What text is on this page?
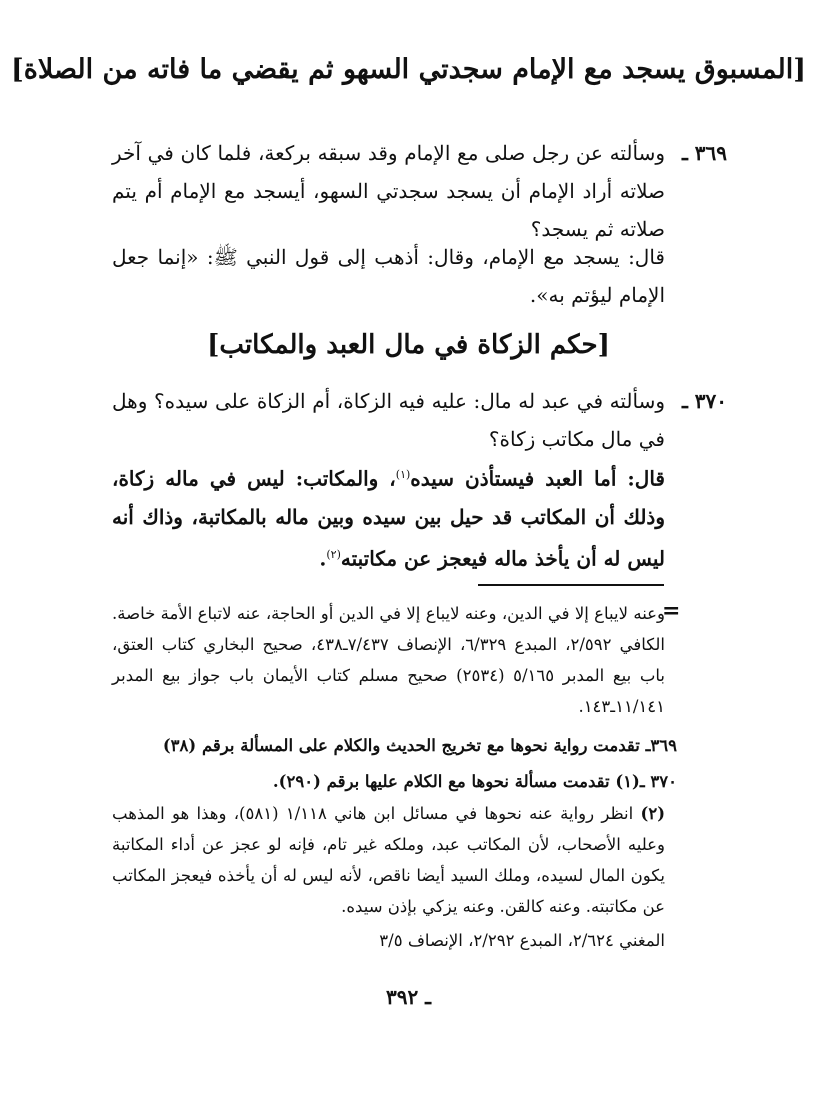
[المسبوق يسجد مع الإمام سجدتي السهو ثم يقضي ما فاته من الصلاة]
٣٦٩ ـ
وسألته عن رجل صلى مع الإمام وقد سبقه بركعة، فلما كان في آخر صلاته أراد الإمام أن يسجد سجدتي السهو، أيسجد مع الإمام أم يتم صلاته ثم يسجد؟
قال: يسجد مع الإمام، وقال: أذهب إلى قول النبي ﷺ: «إنما جعل الإمام ليؤتم به».
[حكم الزكاة في مال العبد والمكاتب]
٣٧٠ ـ
وسألته في عبد له مال: عليه فيه الزكاة، أم الزكاة على سيده؟ وهل في مال مكاتب زكاة؟
قال: أما العبد فيستأذن سيده$^{(١)}$، والمكاتب: ليس في ماله زكاة، وذلك أن المكاتب قد حيل بين سيده وبين ماله بالمكاتبة، وذاك أنه ليس له أن يأخذ ماله فيعجز عن مكاتبته$^{(٢)}$.
=
وعنه لايباع إلا في الدين، وعنه لايباع إلا في الدين أو الحاجة، عنه لاتباع الأمة خاصة. الكافي ٢/٥٩٢، المبدع ٦/٣٢٩، الإنصاف ٧/٤٣٧ـ٤٣٨، صحيح البخاري كتاب العتق، باب بيع المدبر ٥/١٦٥ (٢٥٣٤) صحيح مسلم كتاب الأيمان باب جواز بيع المدبر ١١/١٤١ـ١٤٣.
٣٦٩ـ تقدمت رواية نحوها مع تخريج الحديث والكلام على المسألة برقم (٣٨)
٣٧٠ ـ(١) تقدمت مسألة نحوها مع الكلام عليها برقم (٢٩٠).
(٢) انظر رواية عنه نحوها في مسائل ابن هاني ١/١١٨ (٥٨١)، وهذا هو المذهب وعليه الأصحاب، لأن المكاتب عبد، وملكه غير تام، فإنه لو عجز عن أداء المكاتبة يكون المال لسيده، وملك السيد أيضا ناقص، لأنه ليس له أن يأخذه فيعجز المكاتب عن مكاتبته. وعنه كالقن. وعنه يزكي بإذن سيده.
المغني ٢/٦٢٤، المبدع ٢/٢٩٢، الإنصاف ٣/٥
ـ ٣٩٢
